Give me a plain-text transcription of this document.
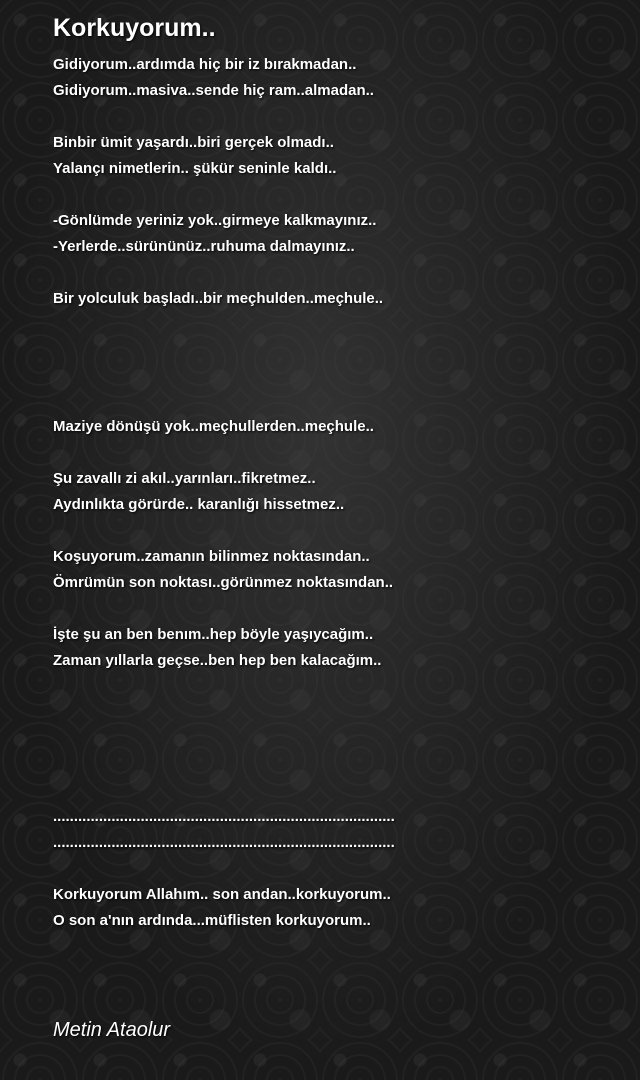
Korkuyorum..
Gidiyorum..ardımda hiç bir iz bırakmadan..
Gidiyorum..masiva..sende hiç ram..almadan..
Binbir ümit yaşardı..biri gerçek olmadı..
Yalançı nimetlerin.. şükür seninle kaldı..
-Gönlümde yeriniz yok..girmeye kalkmayınız..
-Yerlerde..sürününüz..ruhuma dalmayınız..
Bir yolculuk başladı..bir meçhulden..meçhule..
Maziye dönüşü yok..meçhullerden..meçhule..
Şu zavallı zi akıl..yarınları..fikretmez..
Aydınlıkta görürde.. karanlığı hissetmez..
Koşuyorum..zamanın bilinmez noktasından..
Ömrümün son noktası..görünmez noktasından..
İşte şu an ben benım..hep böyle yaşıycağım..
Zaman yıllarla geçse..ben hep ben kalacağım..
..................................................................................
..................................................................................
Korkuyorum Allahım.. son andan..korkuyorum..
O son a'nın ardında...müflisten korkuyorum..
Metin Ataolur
